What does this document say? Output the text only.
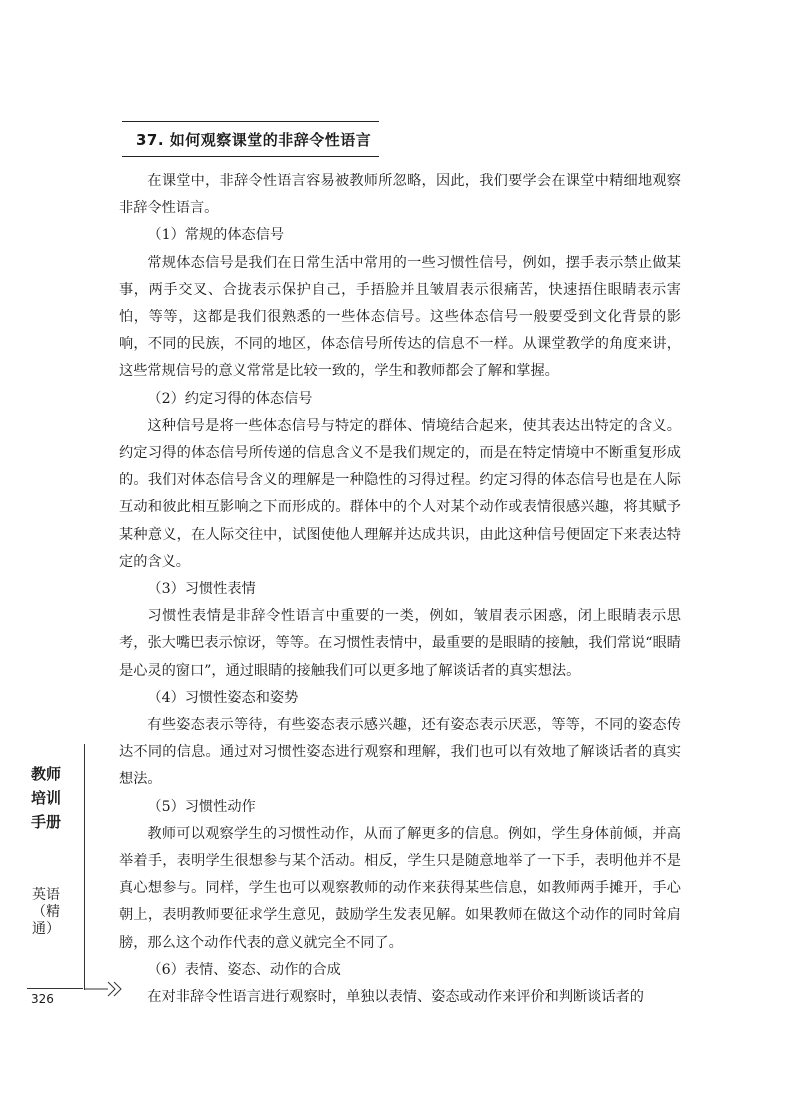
37. 如何观察课堂的非辞令性语言

在课堂中，非辞令性语言容易被教师所忽略，因此，我们要学会在课堂中精细地观察非辞令性语言。

（1）常规的体态信号

常规体态信号是我们在日常生活中常用的一些习惯性信号，例如，摆手表示禁止做某事，两手交叉、合拢表示保护自己，手捂脸并且皱眉表示很痛苦，快速捂住眼睛表示害怕，等等，这都是我们很熟悉的一些体态信号。这些体态信号一般要受到文化背景的影响，不同的民族，不同的地区，体态信号所传达的信息不一样。从课堂教学的角度来讲，这些常规信号的意义常常是比较一致的，学生和教师都会了解和掌握。

（2）约定习得的体态信号

这种信号是将一些体态信号与特定的群体、情境结合起来，使其表达出特定的含义。约定习得的体态信号所传递的信息含义不是我们规定的，而是在特定情境中不断重复形成的。我们对体态信号含义的理解是一种隐性的习得过程。约定习得的体态信号也是在人际互动和彼此相互影响之下而形成的。群体中的个人对某个动作或表情很感兴趣，将其赋予某种意义，在人际交往中，试图使他人理解并达成共识，由此这种信号便固定下来表达特定的含义。

（3）习惯性表情

习惯性表情是非辞令性语言中重要的一类，例如，皱眉表示困惑，闭上眼睛表示思考，张大嘴巴表示惊讶，等等。在习惯性表情中，最重要的是眼睛的接触，我们常说“眼睛是心灵的窗口”，通过眼睛的接触我们可以更多地了解谈话者的真实想法。

（4）习惯性姿态和姿势

有些姿态表示等待，有些姿态表示感兴趣，还有姿态表示厌恶，等等，不同的姿态传达不同的信息。通过对习惯性姿态进行观察和理解，我们也可以有效地了解谈话者的真实想法。

（5）习惯性动作

教师可以观察学生的习惯性动作，从而了解更多的信息。例如，学生身体前倾，并高举着手，表明学生很想参与某个活动。相反，学生只是随意地举了一下手，表明他并不是真心想参与。同样，学生也可以观察教师的动作来获得某些信息，如教师两手摊开，手心朝上，表明教师要征求学生意见，鼓励学生发表见解。如果教师在做这个动作的同时耸肩膀，那么这个动作代表的意义就完全不同了。

（6）表情、姿态、动作的合成

在对非辞令性语言进行观察时，单独以表情、姿态或动作来评价和判断谈话者的

教师培训手册
英语（精通）
326
